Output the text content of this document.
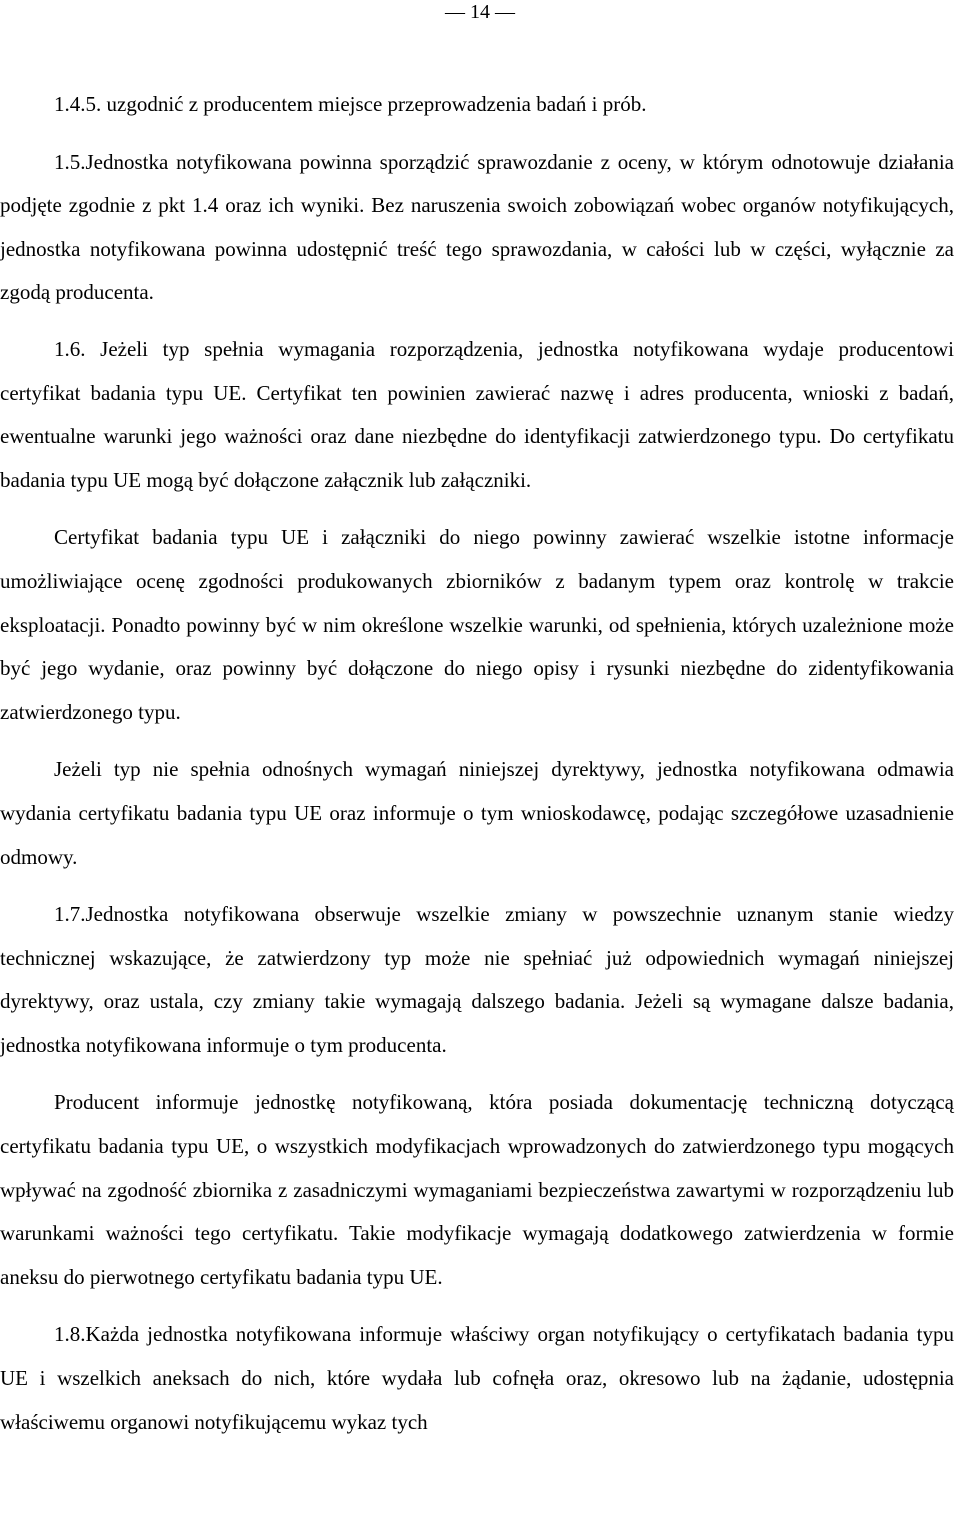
— 14 —

1.4.5. uzgodnić z producentem miejsce przeprowadzenia badań i prób.

1.5.Jednostka notyfikowana powinna sporządzić sprawozdanie z oceny, w którym odnotowuje działania podjęte zgodnie z pkt 1.4 oraz ich wyniki. Bez naruszenia swoich zobowiązań wobec organów notyfikujących, jednostka notyfikowana powinna udostępnić treść tego sprawozdania, w całości lub w części, wyłącznie za zgodą producenta.

1.6. Jeżeli typ spełnia wymagania rozporządzenia, jednostka notyfikowana wydaje producentowi certyfikat badania typu UE. Certyfikat ten powinien zawierać nazwę i adres producenta, wnioski z badań, ewentualne warunki jego ważności oraz dane niezbędne do identyfikacji zatwierdzonego typu. Do certyfikatu badania typu UE mogą być dołączone załącznik lub załączniki.

Certyfikat badania typu UE i załączniki do niego powinny zawierać wszelkie istotne informacje umożliwiające ocenę zgodności produkowanych zbiorników z badanym typem oraz kontrolę w trakcie eksploatacji. Ponadto powinny być w nim określone wszelkie warunki, od spełnienia, których uzależnione może być jego wydanie, oraz powinny być dołączone do niego opisy i rysunki niezbędne do zidentyfikowania zatwierdzonego typu.

Jeżeli typ nie spełnia odnośnych wymagań niniejszej dyrektywy, jednostka notyfikowana odmawia wydania certyfikatu badania typu UE oraz informuje o tym wnioskodawcę, podając szczegółowe uzasadnienie odmowy.

1.7.Jednostka notyfikowana obserwuje wszelkie zmiany w powszechnie uznanym stanie wiedzy technicznej wskazujące, że zatwierdzony typ może nie spełniać już odpowiednich wymagań niniejszej dyrektywy, oraz ustala, czy zmiany takie wymagają dalszego badania. Jeżeli są wymagane dalsze badania, jednostka notyfikowana informuje o tym producenta.

Producent informuje jednostkę notyfikowaną, która posiada dokumentację techniczną dotyczącą certyfikatu badania typu UE, o wszystkich modyfikacjach wprowadzonych do zatwierdzonego typu mogących wpływać na zgodność zbiornika z zasadniczymi wymaganiami bezpieczeństwa zawartymi w rozporządzeniu lub warunkami ważności tego certyfikatu. Takie modyfikacje wymagają dodatkowego zatwierdzenia w formie aneksu do pierwotnego certyfikatu badania typu UE.

1.8.Każda jednostka notyfikowana informuje właściwy organ notyfikujący o certyfikatach badania typu UE i wszelkich aneksach do nich, które wydała lub cofnęła oraz, okresowo lub na żądanie, udostępnia właściwemu organowi notyfikującemu wykaz tych
